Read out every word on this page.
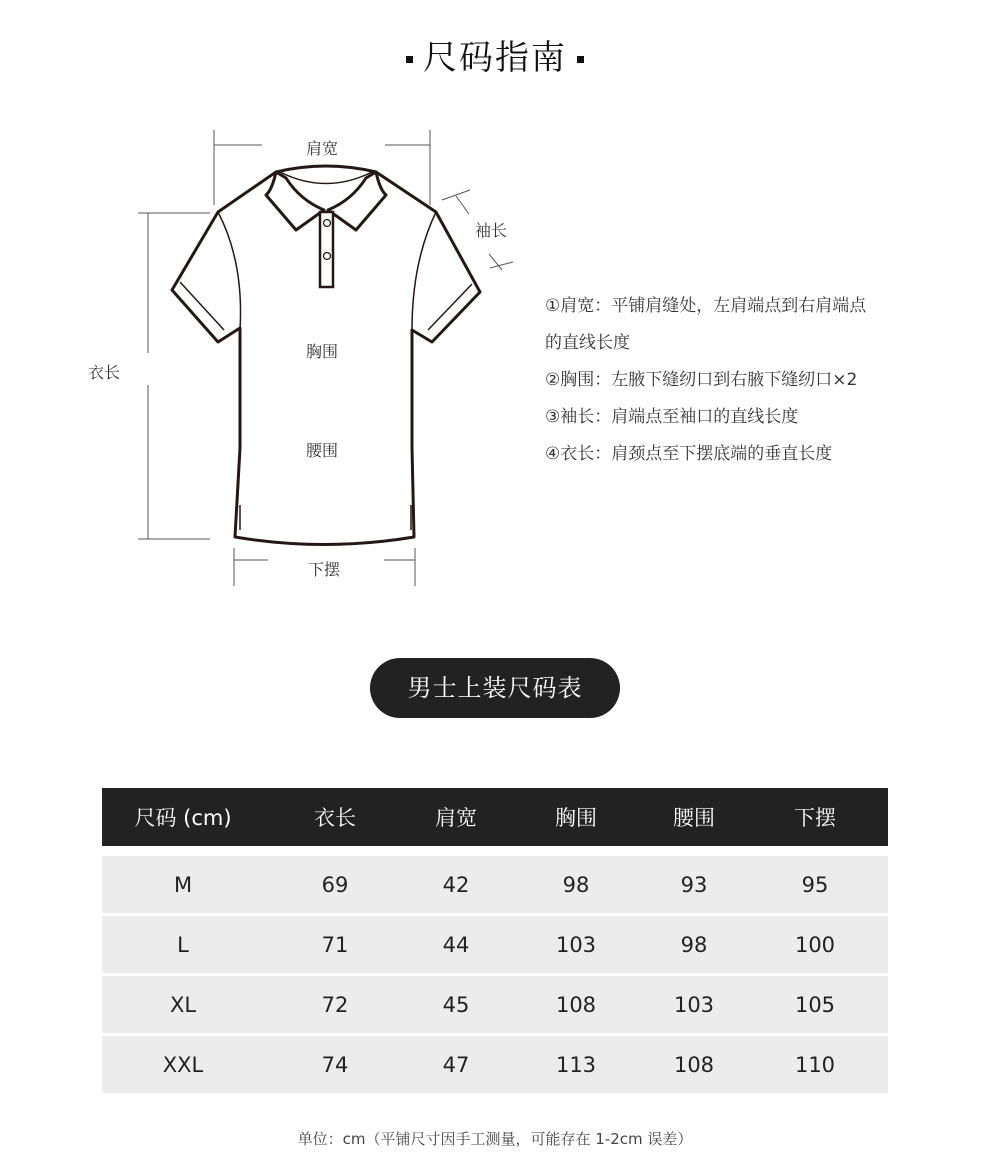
尺码指南
肩宽
袖长
衣长
胸围
腰围
下摆
①肩宽：平铺肩缝处，左肩端点到右肩端点
的直线长度
②胸围：左腋下缝纫口到右腋下缝纫口×2
③袖长：肩端点至袖口的直线长度
④衣长：肩颈点至下摆底端的垂直长度
男士上装尺码表
尺码 (cm)	衣长	肩宽	胸围	腰围	下摆
M	69	42	98	93	95
L	71	44	103	98	100
XL	72	45	108	103	105
XXL	74	47	113	108	110
单位：cm（平铺尺寸因手工测量，可能存在 1-2cm 误差）
